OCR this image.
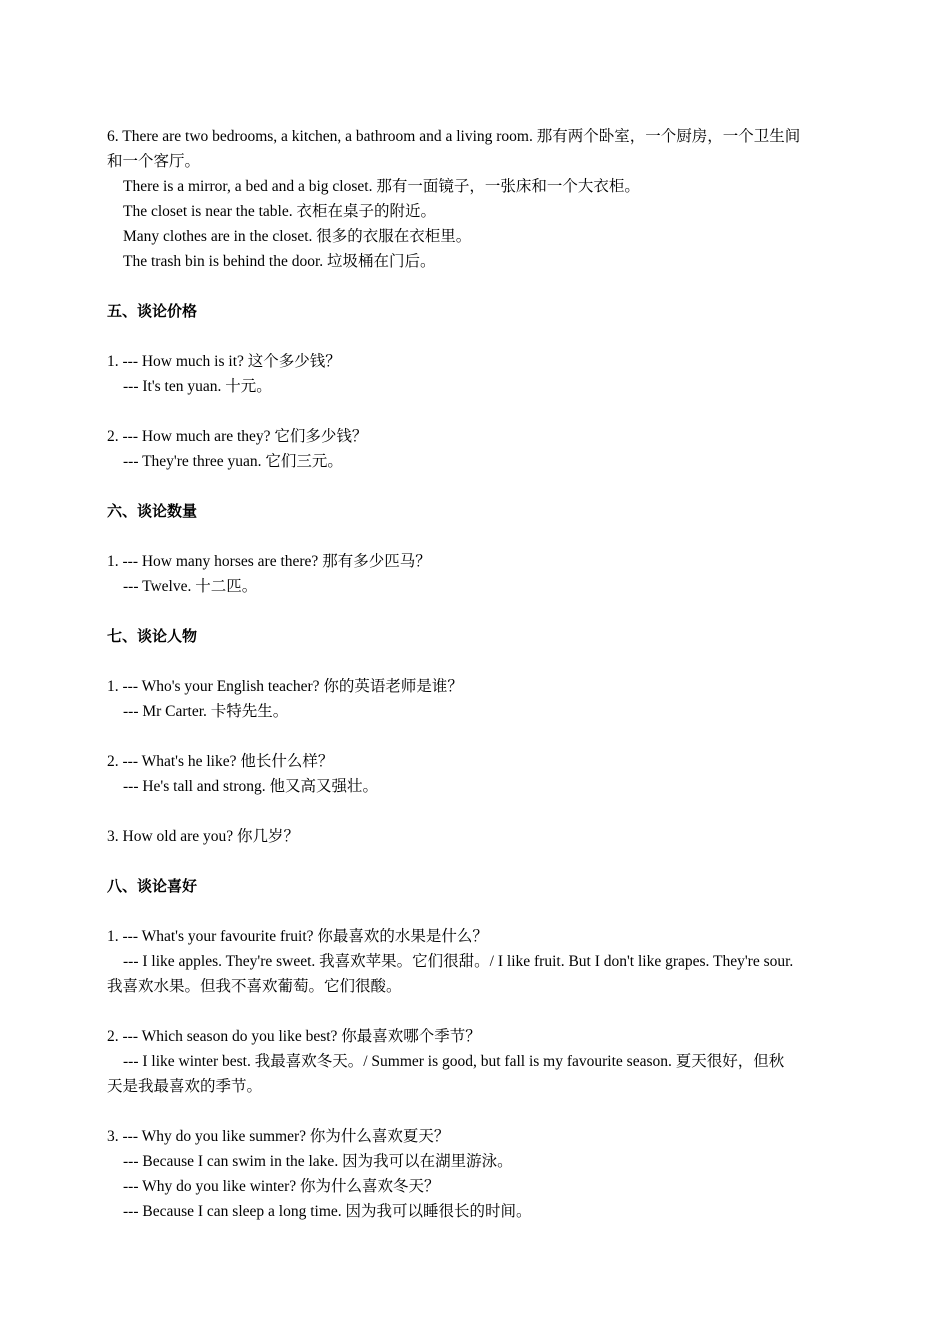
6. There are two bedrooms, a kitchen, a bathroom and a living room. 那有两个卧室，一个厨房，一个卫生间

和一个客厅。

There is a mirror, a bed and a big closet. 那有一面镜子，一张床和一个大衣柜。

The closet is near the table. 衣柜在桌子的附近。

Many clothes are in the closet. 很多的衣服在衣柜里。

The trash bin is behind the door. 垃圾桶在门后。

五、谈论价格

1. --- How much is it? 这个多少钱？

--- It's ten yuan. 十元。

2. --- How much are they? 它们多少钱？

--- They're three yuan. 它们三元。

六、谈论数量

1. --- How many horses are there? 那有多少匹马？

--- Twelve. 十二匹。

七、谈论人物

1. --- Who's your English teacher? 你的英语老师是谁？

--- Mr Carter. 卡特先生。

2. --- What's he like? 他长什么样？

--- He's tall and strong. 他又高又强壮。

3. How old are you? 你几岁？

八、谈论喜好

1. --- What's your favourite fruit? 你最喜欢的水果是什么？

--- I like apples. They're sweet. 我喜欢苹果。它们很甜。/ I like fruit. But I don't like grapes. They're sour.

我喜欢水果。但我不喜欢葡萄。它们很酸。

2. --- Which season do you like best? 你最喜欢哪个季节？

--- I like winter best. 我最喜欢冬天。/ Summer is good, but fall is my favourite season. 夏天很好，但秋

天是我最喜欢的季节。

3. --- Why do you like summer? 你为什么喜欢夏天？

--- Because I can swim in the lake. 因为我可以在湖里游泳。

--- Why do you like winter? 你为什么喜欢冬天？

--- Because I can sleep a long time. 因为我可以睡很长的时间。
